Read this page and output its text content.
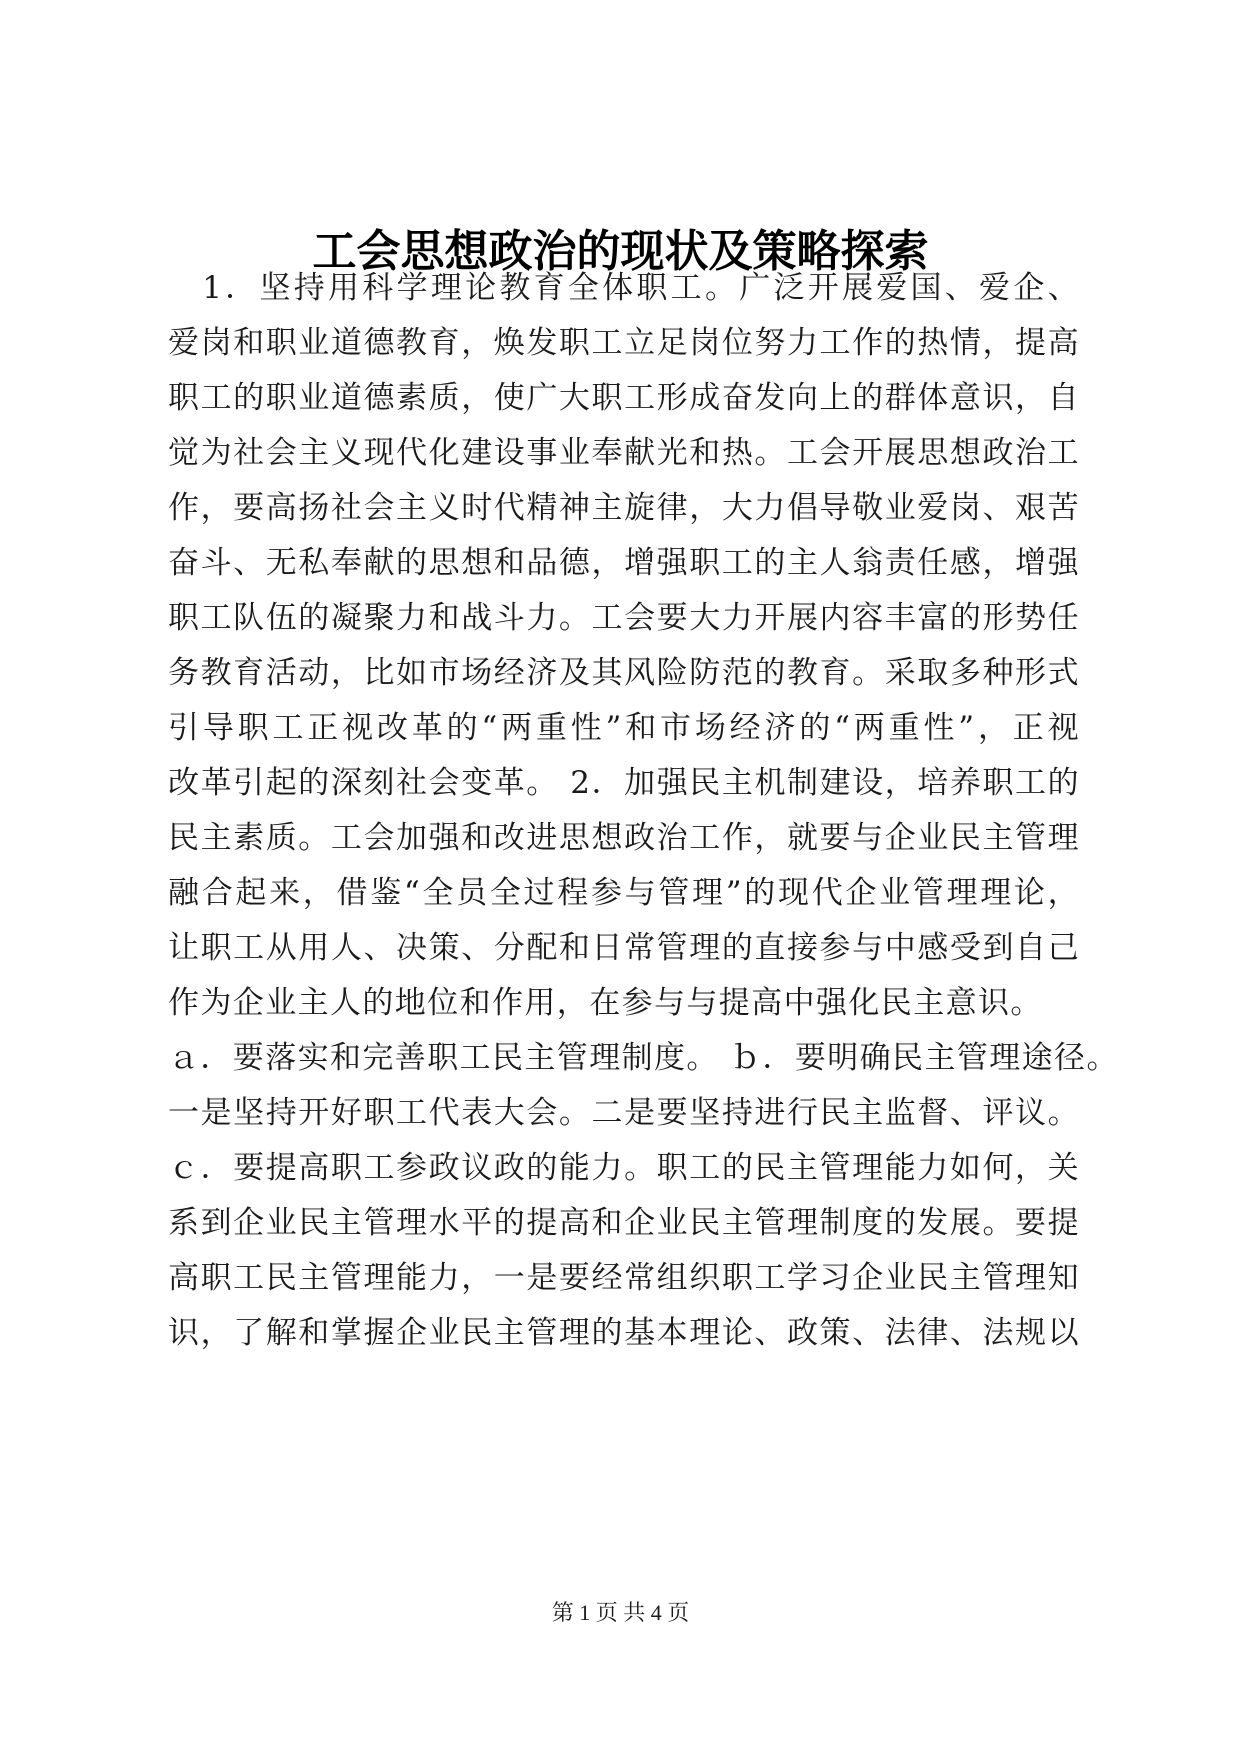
工会思想政治的现状及策略探索
　1．坚持用科学理论教育全体职工。广泛开展爱国、爱企、
爱岗和职业道德教育，焕发职工立足岗位努力工作的热情，提高
职工的职业道德素质，使广大职工形成奋发向上的群体意识，自
觉为社会主义现代化建设事业奉献光和热。工会开展思想政治工
作，要高扬社会主义时代精神主旋律，大力倡导敬业爱岗、艰苦
奋斗、无私奉献的思想和品德，增强职工的主人翁责任感，增强
职工队伍的凝聚力和战斗力。工会要大力开展内容丰富的形势任
务教育活动，比如市场经济及其风险防范的教育。采取多种形式
引导职工正视改革的“两重性”和市场经济的“两重性”，正视
改革引起的深刻社会变革。 2．加强民主机制建设，培养职工的
民主素质。工会加强和改进思想政治工作，就要与企业民主管理
融合起来，借鉴“全员全过程参与管理”的现代企业管理理论，
让职工从用人、决策、分配和日常管理的直接参与中感受到自己
作为企业主人的地位和作用，在参与与提高中强化民主意识。
ａ．要落实和完善职工民主管理制度。 ｂ．要明确民主管理途径。
一是坚持开好职工代表大会。二是要坚持进行民主监督、评议。
ｃ．要提高职工参政议政的能力。职工的民主管理能力如何，关
系到企业民主管理水平的提高和企业民主管理制度的发展。要提
高职工民主管理能力，一是要经常组织职工学习企业民主管理知
识，了解和掌握企业民主管理的基本理论、政策、法律、法规以
第 1 页 共 4 页
